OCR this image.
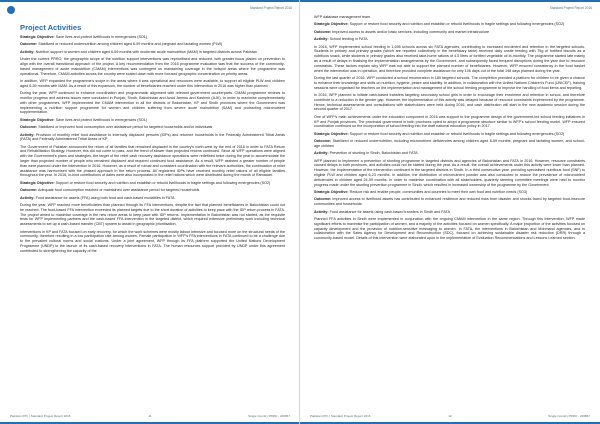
Standard Project Report 2016
Project Activities

Strategic Objective: Save lives and protect livelihoods in emergencies (SO1)

Outcome: Stabilized or reduced undernutrition among children aged 6-59 months and pregnant and lactating women (PLW)

Activity: Nutrition support to women and children aged 6-59 months with moderate acute malnutrition (MAM) in targeted districts across Pakistan

Under the current PRRO, the geographic scope of the nutrition support interventions was reprioritised and reduced, with greater focus placed on prevention to align with the overall transitional approach of the project. A key recommendation from the 2016 programme evaluation was that the success of the community-based management of acute malnutrition (CMAM) interventions was contingent on maintaining coverage in the hotspot areas where the programme was operational. Therefore, CMAM activities across the country were scaled down with more focused geographic concentration on priority areas.

In addition, WFP expanded the programme's scope in the areas where it was operational and resources were available, to support all eligible PLW and children aged 6-59 months with MAM. As a result of this expansion, the number of beneficiaries reached under this intervention in 2016 was higher than planned.

During the year, WFP continued to enhance coordination and programmatic alignment with relevant government counterparts. CMAM programme reviews to monitor progress and address issues were conducted in Punjab, Sindh, Balochistan and Azad Jammu and Kashmir (AJK). In order to maximise complementarity with other programmes, WFP implemented the CMAM intervention in all the districts of Balochistan, KP and Sindh provinces where the Government was implementing a nutrition support programme for women and children suffering from severe acute malnutrition (SAM) and protracting micronutrient supplementation.

Strategic Objective: Save lives and protect livelihoods in emergencies (SO1)

Outcome: Stabilized or improved food consumption over assistance period for targeted households and/or individuals

Activity: Provision of monthly relief food assistance to internally displaced persons (IDPs) and returnee households in the Federally Administered Tribal Areas (FATA) and Federally Administered Tribal Areas of KP

The Government of Pakistan announced the return of all families that remained displaced in the country's north-west by the end of 2016 in order to FATA Return and Rehabilitation Strategy. However, this did not come to pass, and the trend of slower than projected returns continued. Since all WFP operations were aligned with the Government's plans and strategies, the target of the relief cash recovery assistance operations were redefined twice during the year to accommodate the larger than projected number of people who remained displaced and required continued food assistance. As a result, WFP assisted a greater number of people than were planned under the intervention in 2016. However, as a result of robust and consistent coordination with the relevant authorities, the continuation of relief assistance was harmonised with the phased approach in the return process. All registered IDPs have received monthly relief rations of all eligible families throughout the year. In 2016, in-kind contributions of dates were also incorporated in the relief rations which were distributed during the month of Ramadan.

Strategic Objective: Support or restore food security and nutrition and establish or rebuild livelihoods in fragile settings and following emergencies (SO2)

Outcome: Adequate food consumption reached or maintained over assistance period for targeted households

Activity: Food assistance for assets (FFA) using both food and cash-based modalities in FATA

During the year, WFP reached more beneficiaries than planned through its FFA interventions, despite the fact that planned beneficiaries in Balochistan could not be reached. The food-based FFA intervention exceeded its planned targets due to the short duration of activities to keep pace with the IDP return process in FATA. The project aimed to maximise coverage in the new return areas to keep pace with IDP returns. Implementation in Balochistan was not started, as the requisite tests for WFP implementing partners and the cash-based FFA intervention in the targeted district, which required extensive preliminary work including technical assessments to set up a cash-based transfer (CBT) system to assist in geographic prioritisation.

Interventions in KP and FATA focused on early recovery, for which the work schemes were mostly labour intensive and focused more on the structural needs of the community, therefore resulting in a low participation rate among women. Female participation in WFP's FFA interventions in FATA continued to be a challenge due to the prevalent cultural norms and social customs. Under a joint agreement, WFP through its FFA platform supported the United Nations Development Programme (UNDP) in the launch of its cash-based recovery interventions in FATA. The human resources support provided by UNDP under this agreement contributed to strengthening the capacity of the

Pakistan (PK) | Standard Project Report 2016	11	Single Country PRRO - 200867
Standard Project Report 2016

WFP database management team.

Strategic Objective: Support or restore food security and nutrition and establish or rebuild livelihoods in fragile settings and following emergencies (SO2)

Outcome: Improved access to assets and/or basic services, including community and market infrastructure

Activity: School feeding in FATA

In 2016, WFP implemented school feeding in 1,695 schools across six FATA agencies, contributing to increased enrolment and retention in the targeted schools. Students in primary and primary grades (which are reported collectively in the beneficiary table) received daily onsite feeding with 75g of fortified biscuits as a nutritious snack, while students in primary grades also received take-home rations of 4.5 litres of fortified vegetable oil bi-monthly. The programme started late mainly as a result of delays in finalising the implementation arrangements by the Government, and subsequently faced frequent disruptions during the year due to resource constraints. These factors explain why WFP was not able to support the planned number of beneficiaries. However, WFP ensured consistency in the food basket when the intervention was in operation, and therefore provided complete assistance for only 106 days out of the total 198 days planned during the year.

During the last quarter of 2016, WFP conducted a school enumeration in 180 targeted schools. The completion provided a platform for children to be given a chance to enhance their knowledge and skills on nutrition, hygiene, peace and stability. In addition, in collaboration with the United Nations Children's Fund (UNICEF), training sessions were organised for teachers on the implementation and management of the school feeding programme to improve the handling of food items and reporting.

In 2016, WFP planned to initiate cash-based transfers targeting secondary school girls in order to encourage their enrolment and retention in school, and therefore contribute to a reduction in the gender gap. However, the implementation of this activity was delayed because of resource constraints experienced by the programme. Hence, technical assessments and consultations with stakeholders were held during 2016, and cash distribution will start in the new academic session during the second quarter of 2017.

One of WFP's main achievements under the education component in 2016 was support to the programme design of the government-led school feeding initiatives in KP and Punjab provinces. The provincial government in both provinces opted to adopt a programme structure similar to WFP's school feeding model. WFP ensured coordination continued on the incorporation of school feeding into the draft national education policy in 2017.

Strategic Objective: Support or restore food security and nutrition and establish or rebuild livelihoods in fragile settings and following emergencies (SO2)

Outcome: Stabilized or reduced undernutrition, including micronutrient deficiencies among children aged 6-59 months, pregnant and lactating women, and school-age children

Activity: Prevention of stunting in Sindh, Balochistan and FATA

WFP planned to implement a prevention of stunting programme in targeted districts and agencies of Balochistan and FATA in 2016. However, resource constraints caused delays in both provinces, and activities could not be started during the year. As a result, the overall achievements under this activity were lower than planned. However, the implementation of the intervention continued in the targeted districts in Sindh. In a third consecutive year, providing specialised nutritious food (SNF) to eligible PLW and children aged 6-23 months. In addition, the distribution of micronutrient powder was also conducted to reduce the prevalence of micronutrient deficiencies in children aged 24-59 months. In order to maximise coordination with all stakeholders, quarterly steering committee meetings were held to monitor progress made under the stunting prevention programme in Sindh, which resulted in increased ownership of the programme by the Government.

Strategic Objective: Reduce risk and enable people, communities and countries to meet their own food and nutrition needs (SO3)

Outcome: Improved access to livelihood assets has contributed to enhanced resilience and reduced risks from disaster and shocks faced by targeted food-insecure communities and households

Activity: Food assistance for assets using cash-based transfers in Sindh and FATA

Planned FFA activities in Sindh were implemented in conjunction with the ongoing CMAM intervention in the same region. Through this intervention, WFP made significant efforts to maximise the participation of women, and a majority of the activities focused on women specifically. A major proportion of the activities focused on capacity development and the provision of nutrition-sensitive messaging to women. In FATA, the interventions in Balochistan and Mohmand agencies, and in collaboration with the Sales Agency for Development and Reconstruction (SDC), focused on achieving sustainable disaster risk reduction (DRR) through a community-based model. Details of this intervention were elaborated upon in the implementation of Evaluation Recommendations and Lessons Learned section.

Pakistan (PK) | Standard Project Report 2016	12	Single Country PRRO - 200867
